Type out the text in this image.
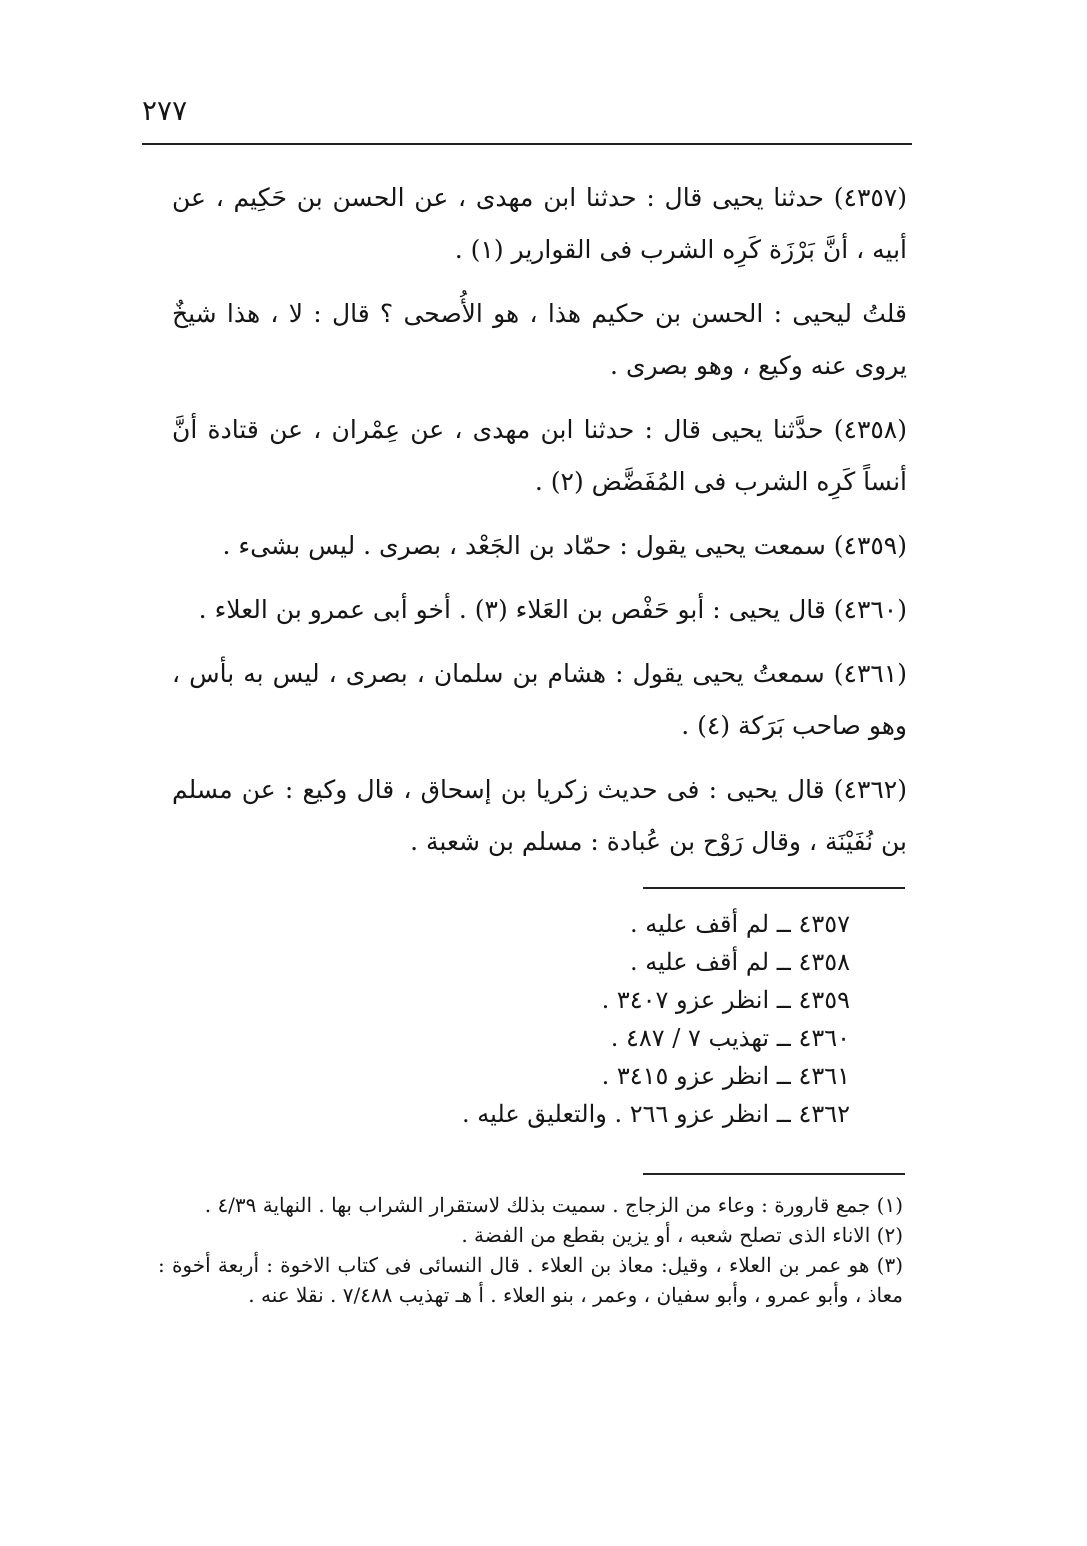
٢٧٧

(٤٣٥٧) حدثنا يحيى قال : حدثنا ابن مهدى ، عن الحسن بن حَكِيم ، عن أبيه ، أنَّ بَرْزَة كَرِه الشرب فى القوارير (١) .

قلتُ ليحيى : الحسن بن حكيم هذا ، هو الأُصحى ؟ قال : لا ، هذا شيخٌ يروى عنه وكيع ، وهو بصرى .

(٤٣٥٨) حدَّثنا يحيى قال : حدثنا ابن مهدى ، عن عِمْران ، عن قتادة أنَّ أنساً كَرِه الشرب فى المُفَضَّض (٢) .

(٤٣٥٩) سمعت يحيى يقول : حمّاد بن الجَعْد ، بصرى . ليس بشىء .

(٤٣٦٠) قال يحيى : أبو حَفْص بن العَلاء (٣) . أخو أبى عمرو بن العلاء .

(٤٣٦١) سمعتُ يحيى يقول : هشام بن سلمان ، بصرى ، ليس به بأس ، وهو صاحب بَرَكة (٤) .

(٤٣٦٢) قال يحيى : فى حديث زكريا بن إسحاق ، قال وكيع : عن مسلم بن نُفَيْنَة ، وقال رَوْح بن عُبادة : مسلم بن شعبة .

٤٣٥٧ ــ لم أقف عليه .
٤٣٥٨ ــ لم أقف عليه .
٤٣٥٩ ــ انظر عزو ٣٤٠٧ .
٤٣٦٠ ــ تهذيب ٧ / ٤٨٧ .
٤٣٦١ ــ انظر عزو ٣٤١٥ .
٤٣٦٢ ــ انظر عزو ٢٦٦ . والتعليق عليه .

(١) جمع قارورة : وعاء من الزجاج . سميت بذلك لاستقرار الشراب بها . النهاية ٤/٣٩ .

(٢) الاناء الذى تصلح شعبه ، أو يزين بقطع من الفضة .

(٣) هو عمر بن العلاء ، وقيل: معاذ بن العلاء . قال النسائى فى كتاب الاخوة : أربعة أخوة : معاذ ، وأبو عمرو ، وأبو سفيان ، وعمر ، بنو العلاء . أ هـ تهذيب ٧/٤٨٨ . نقلا عنه .
